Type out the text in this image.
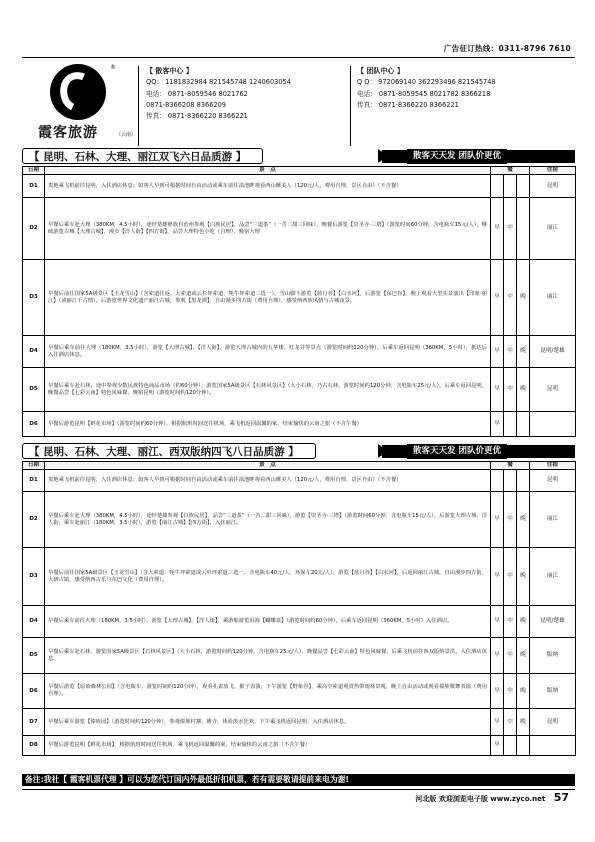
广告征订热线：0311-8796 7610
®
霞客旅游	（云南）
【 散客中心 】
QQ： 1181832984 821545748 1240603054
电话： 0871-8059546 8021762
0871-8366208 8366209
传真： 0871-8366220 8366221
【 团队中心 】
Q Q： 972069140 362293496 821545748
电话： 0871-8059545 8021782 8366218
传真： 0871-8366220 8366221
【 昆明、石林、大理、丽江双飞六日品质游 】	散客天天发 团队价更优
日期	景　点	餐			住宿
D1	贵地乘飞机前往昆明，入住酒店休息；如客人早到可根据时间自由活动或乘车前往滇池畔观看西山睡美人（120元/人，费用自理、景区自由）（不含餐）				昆明
D2	早餐后乘车赴大理（380KM，4.5小时），途经楚雄彝族自治州参观【白族民居】，品尝“三道茶”（一苦二甜三回味），晚餐后游览【崇圣寺·三塔】（游览时间60分钟，含电瓶车15元/人），继续游览古城【大理古城】，漫步【洋人街】【四方街】，品尝大理特色小吃（自理），晚宿大理	早	中		丽江
D3	早餐后前往国家5A级景区【玉龙雪山】（含索道往返、大索道或云杉坪索道、牦牛坪索道三选一），雪山脚下游览【蓝月谷】【白水河】，后游览【东巴谷】，晚上观看大型实景演出【印象·丽江】（或丽江千古情），后游览世界文化遗产丽江古城，参观【黑龙潭】，自由漫步四方街（费用自理），感受纳西族风情与古城夜景。	早	中	晚	丽江
D4	早餐后乘车前往大理（180KM，3.5小时），游览【大理古城】、【洋人街】，游览大理古城内的五华楼、红龙井等景点（游览时间约120分钟），后乘车返回昆明（360KM，5小时），抵达后入住酒店休息。	早	中	晚	昆明/楚雄
D5	早餐后乘车赴石林，途中参观少数民族特色商品市场（约60分钟）；游览国家5A级景区【石林风景区】（大小石林、乃古石林，游览时间约120分钟，含电瓶车25元/人），后乘车返回昆明，晚餐品尝【七彩云南】特色风味餐，晚宿昆明（游览时间约120分钟）。	早	中	晚	昆明
D6	早餐后游览昆明【鲜花市场】（游览时间约60分钟），根据航班时间送往机场，乘飞机返回温馨的家，结束愉快的云南之旅（不含午餐）	早			
【 昆明、石林、大理、丽江、西双版纳四飞八日品质游 】	散客天天发 团队价更优
日期	景　点	餐			住宿
D1	贵地乘飞机前往昆明，入住酒店休息；如客人早到可根据时间自由活动或乘车前往滇池畔观看西山睡美人（120元/人，费用自理、景区自由）（不含餐）				昆明
D2	早餐后乘车赴大理（380KM，4.5小时），途经楚雄参观【白族民居】，品尝“三道茶”（一苦二甜三回味），游览【崇圣寺·三塔】（游览时间60分钟，含电瓶车15元/人），后游览大理古城、洋人街；乘车赴丽江（180KM，3.5小时），游览【丽江古城】【四方街】，入住丽江。	早	中	晚	丽江
D3	早餐后前往国家5A级景区【玉龙雪山】（含大索道、牦牛坪索道或云杉坪索道三选一，含电瓶车40元/人、环保车20元/人），游览【蓝月谷】【白水河】，后返回丽江古城，自由漫步四方街、大研古镇，感受纳西古乐与东巴文化（费用自理）。	早	中	晚	丽江
D4	早餐后乘车前往大理（180KM，3.5小时），游览【大理古城】、【洋人街】，乘游船游览洱海【蝴蝶泉】（游览时间约60分钟），后乘车返回昆明（360KM，5小时）入住酒店。	早	中	晚	昆明/楚雄
D5	早餐后乘车赴石林，游览国家5A级景区【石林风景区】（大小石林，游览时间约120分钟，含电瓶车25元/人），晚餐品尝【七彩云南】特色风味餐，后乘飞机前往西双版纳景洪，入住酒店休息。	早	中	晚	版纳
D6	早餐后游览【原始森林公园】（含电瓶车，游览时间约120分钟），观看孔雀放飞、猴子表演；下午游览【野象谷】，乘高空索道观赏热带雨林景观，晚上自由活动或观看傣族歌舞表演（费用自理）。	早	中	晚	版纳
D7	早餐后乘车游览【傣族园】（游览时间约120分钟），参观傣族村寨、佛寺，体验泼水狂欢，下午乘飞机返回昆明，入住酒店休息。	早	中	晚	昆明
D8	早餐后游览昆明【鲜花市场】，根据航班时间送往机场，乘飞机返回温馨的家，结束愉快的云南之旅（不含午餐）	早			
备注:我社【 霞客机票代理 】可以为您代订国内外最低折扣机票，若有需要敬请提前来电为谢!
河北版 欢迎浏览电子版 www.zyco.net 57
